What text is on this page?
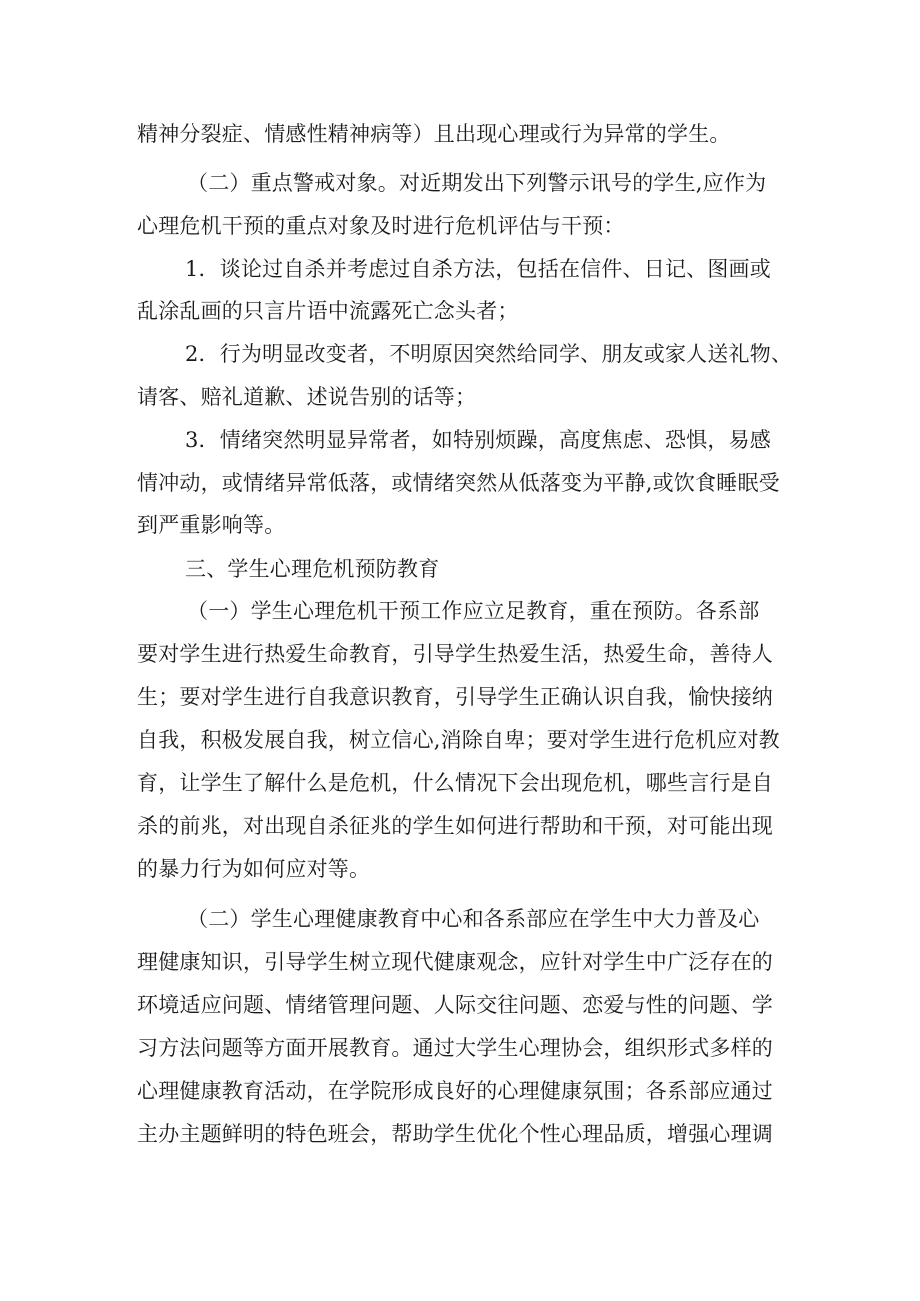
精神分裂症、情感性精神病等）且出现心理或行为异常的学生。
（二）重点警戒对象。对近期发出下列警示讯号的学生,应作为
心理危机干预的重点对象及时进行危机评估与干预：
1．谈论过自杀并考虑过自杀方法，包括在信件、日记、图画或
乱涂乱画的只言片语中流露死亡念头者；
2．行为明显改变者，不明原因突然给同学、朋友或家人送礼物、
请客、赔礼道歉、述说告别的话等；
3．情绪突然明显异常者，如特别烦躁，高度焦虑、恐惧，易感
情冲动，或情绪异常低落，或情绪突然从低落变为平静,或饮食睡眠受
到严重影响等。
三、学生心理危机预防教育
（一）学生心理危机干预工作应立足教育，重在预防。各系部
要对学生进行热爱生命教育，引导学生热爱生活，热爱生命，善待人
生；要对学生进行自我意识教育，引导学生正确认识自我，愉快接纳
自我，积极发展自我，树立信心,消除自卑；要对学生进行危机应对教
育，让学生了解什么是危机，什么情况下会出现危机，哪些言行是自
杀的前兆，对出现自杀征兆的学生如何进行帮助和干预，对可能出现
的暴力行为如何应对等。
（二）学生心理健康教育中心和各系部应在学生中大力普及心
理健康知识，引导学生树立现代健康观念，应针对学生中广泛存在的
环境适应问题、情绪管理问题、人际交往问题、恋爱与性的问题、学
习方法问题等方面开展教育。通过大学生心理协会，组织形式多样的
心理健康教育活动，在学院形成良好的心理健康氛围；各系部应通过
主办主题鲜明的特色班会，帮助学生优化个性心理品质，增强心理调
